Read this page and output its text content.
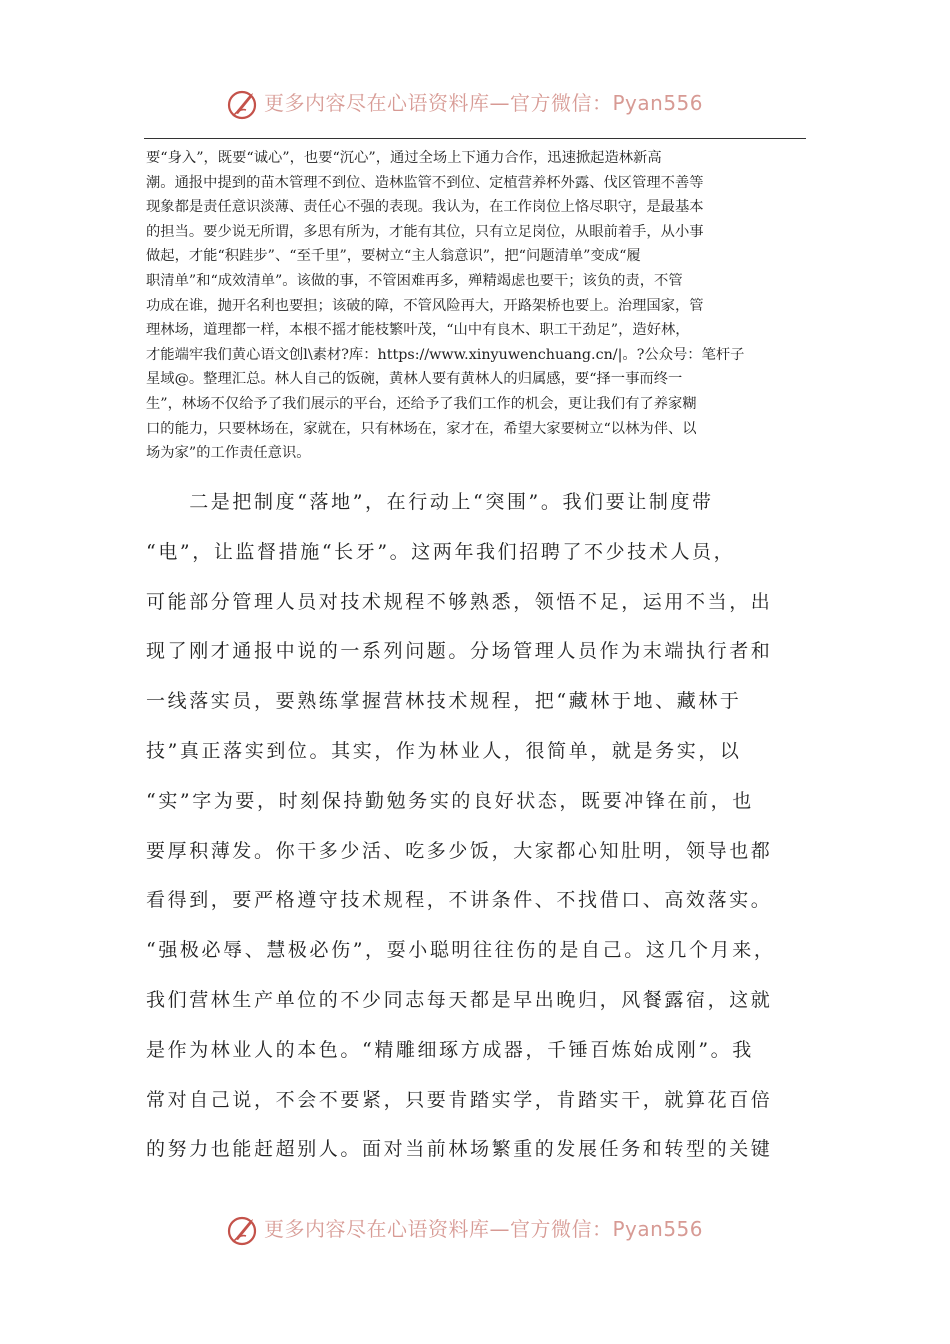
更多内容尽在心语资料库—官方微信：Pyan556
要“身入”，既要“诚心”，也要“沉心”，通过全场上下通力合作，迅速掀起造林新高
潮。通报中提到的苗木管理不到位、造林监管不到位、定植营养杯外露、伐区管理不善等
现象都是责任意识淡薄、责任心不强的表现。我认为，在工作岗位上恪尽职守，是最基本
的担当。要少说无所谓，多思有所为，才能有其位，只有立足岗位，从眼前着手，从小事
做起，才能“积跬步”、“至千里”，要树立“主人翁意识”，把“问题清单”变成“履
职清单”和“成效清单”。该做的事，不管困难再多，殚精竭虑也要干；该负的责，不管
功成在谁，抛开名利也要担；该破的障，不管风险再大，开路架桥也要上。治理国家，管
理林场，道理都一样，本根不摇才能枝繁叶茂，“山中有良木、职工干劲足”，造好林，
才能端牢我们黄心语文创l\素材?库：https://www.xinyuwenchuang.cn/|。?公众号：笔杆子
星域@。整理汇总。林人自己的饭碗，黄林人要有黄林人的归属感，要“择一事而终一
生”，林场不仅给予了我们展示的平台，还给予了我们工作的机会，更让我们有了养家糊
口的能力，只要林场在，家就在，只有林场在，家才在，希望大家要树立“以林为伴、以
场为家”的工作责任意识。
　　二是把制度“落地”，在行动上“突围”。我们要让制度带
“电”，让监督措施“长牙”。这两年我们招聘了不少技术人员，
可能部分管理人员对技术规程不够熟悉，领悟不足，运用不当，出
现了刚才通报中说的一系列问题。分场管理人员作为末端执行者和
一线落实员，要熟练掌握营林技术规程，把“藏林于地、藏林于
技”真正落实到位。其实，作为林业人，很简单，就是务实，以
“实”字为要，时刻保持勤勉务实的良好状态，既要冲锋在前，也
要厚积薄发。你干多少活、吃多少饭，大家都心知肚明，领导也都
看得到，要严格遵守技术规程，不讲条件、不找借口、高效落实。
“强极必辱、慧极必伤”，耍小聪明往往伤的是自己。这几个月来，
我们营林生产单位的不少同志每天都是早出晚归，风餐露宿，这就
是作为林业人的本色。“精雕细琢方成器，千锤百炼始成刚”。我
常对自己说，不会不要紧，只要肯踏实学，肯踏实干，就算花百倍
的努力也能赶超别人。面对当前林场繁重的发展任务和转型的关键
更多内容尽在心语资料库—官方微信：Pyan556
